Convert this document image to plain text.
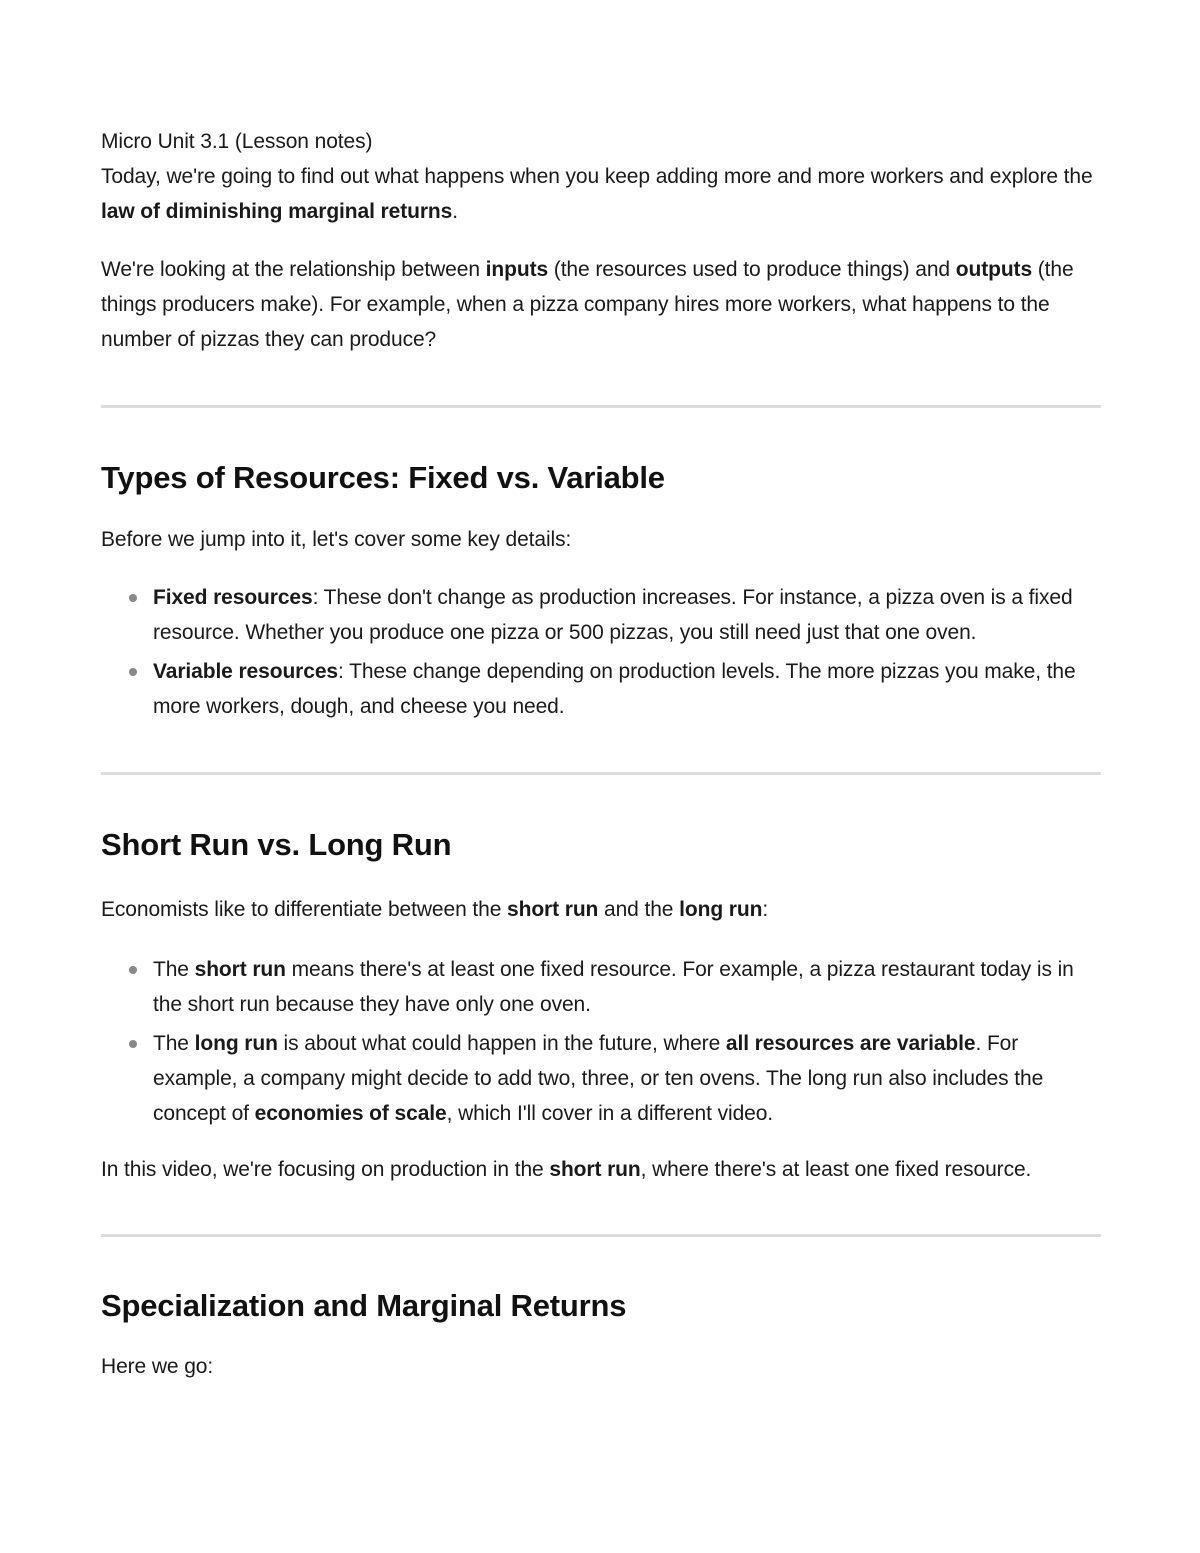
Micro Unit 3.1 (Lesson notes)

Today, we're going to find out what happens when you keep adding more and more workers and explore the law of diminishing marginal returns.

We're looking at the relationship between inputs (the resources used to produce things) and outputs (the things producers make). For example, when a pizza company hires more workers, what happens to the number of pizzas they can produce?

Types of Resources: Fixed vs. Variable

Before we jump into it, let's cover some key details:

Fixed resources: These don't change as production increases. For instance, a pizza oven is a fixed resource. Whether you produce one pizza or 500 pizzas, you still need just that one oven.
Variable resources: These change depending on production levels. The more pizzas you make, the more workers, dough, and cheese you need.
Short Run vs. Long Run

Economists like to differentiate between the short run and the long run:

The short run means there's at least one fixed resource. For example, a pizza restaurant today is in the short run because they have only one oven.
The long run is about what could happen in the future, where all resources are variable. For example, a company might decide to add two, three, or ten ovens. The long run also includes the concept of economies of scale, which I'll cover in a different video.

In this video, we're focusing on production in the short run, where there's at least one fixed resource.

Specialization and Marginal Returns

Here we go:
